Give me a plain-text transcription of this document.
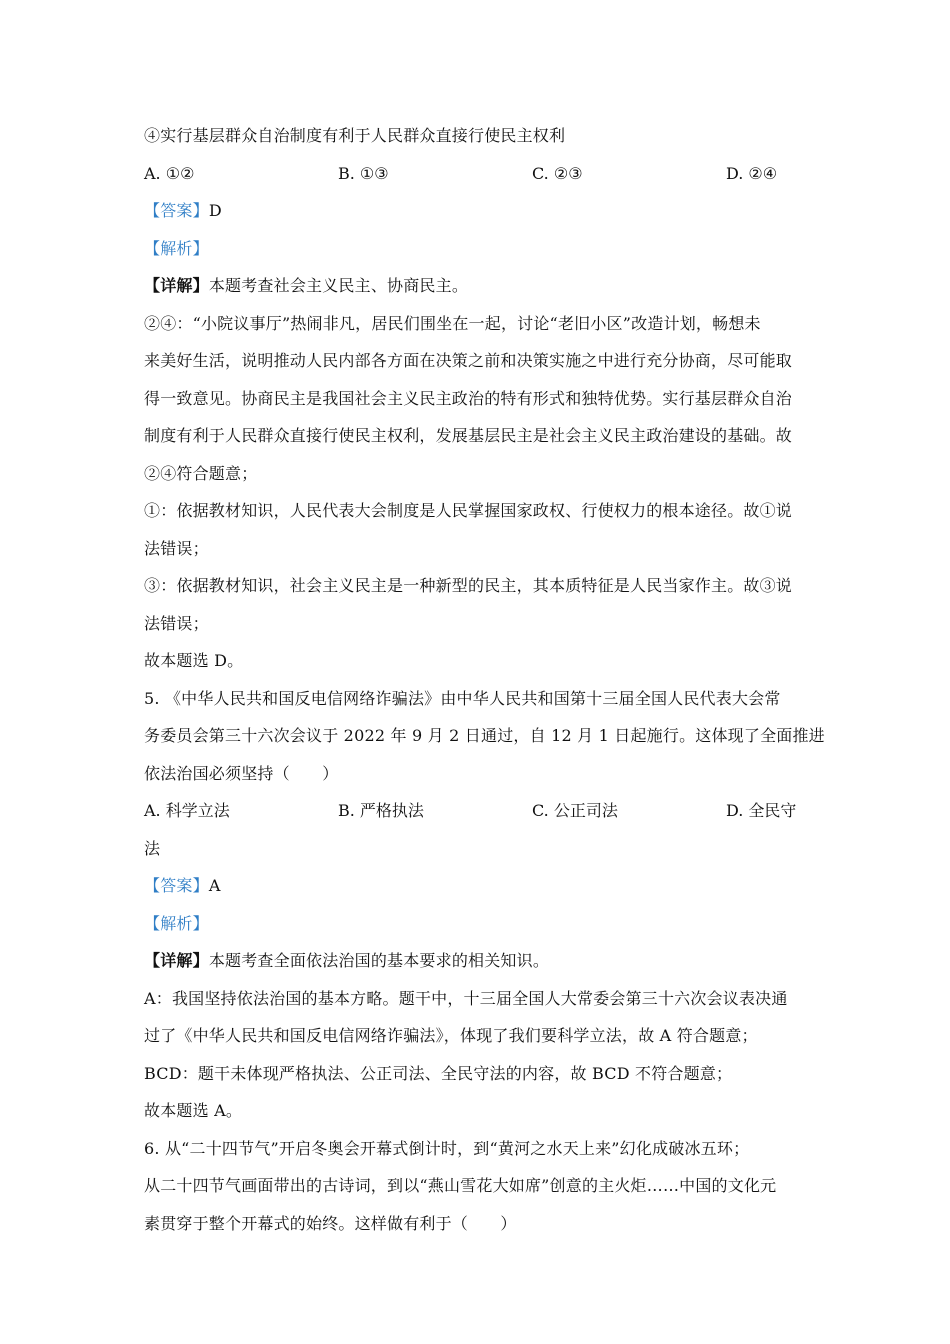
④实行基层群众自治制度有利于人民群众直接行使民主权利
A. ①②	B. ①③	C. ②③	D. ②④
【答案】D
【解析】
【详解】本题考查社会主义民主、协商民主。
②④：“小院议事厅”热闹非凡，居民们围坐在一起，讨论“老旧小区”改造计划，畅想未
来美好生活，说明推动人民内部各方面在决策之前和决策实施之中进行充分协商，尽可能取
得一致意见。协商民主是我国社会主义民主政治的特有形式和独特优势。实行基层群众自治
制度有利于人民群众直接行使民主权利，发展基层民主是社会主义民主政治建设的基础。故
②④符合题意；
①：依据教材知识，人民代表大会制度是人民掌握国家政权、行使权力的根本途径。故①说
法错误；
③：依据教材知识，社会主义民主是一种新型的民主，其本质特征是人民当家作主。故③说
法错误；
故本题选 D。
5. 《中华人民共和国反电信网络诈骗法》由中华人民共和国第十三届全国人民代表大会常
务委员会第三十六次会议于 2022 年 9 月 2 日通过，自 12 月 1 日起施行。这体现了全面推进
依法治国必须坚持（　　）
A. 科学立法	B. 严格执法	C. 公正司法	D. 全民守
法
【答案】A
【解析】
【详解】本题考查全面依法治国的基本要求的相关知识。
A：我国坚持依法治国的基本方略。题干中，十三届全国人大常委会第三十六次会议表决通
过了《中华人民共和国反电信网络诈骗法》，体现了我们要科学立法，故 A 符合题意；
BCD：题干未体现严格执法、公正司法、全民守法的内容，故 BCD 不符合题意；
故本题选 A。
6. 从“二十四节气”开启冬奥会开幕式倒计时，到“黄河之水天上来”幻化成破冰五环；
从二十四节气画面带出的古诗词，到以“燕山雪花大如席”创意的主火炬……中国的文化元
素贯穿于整个开幕式的始终。这样做有利于（　　）
